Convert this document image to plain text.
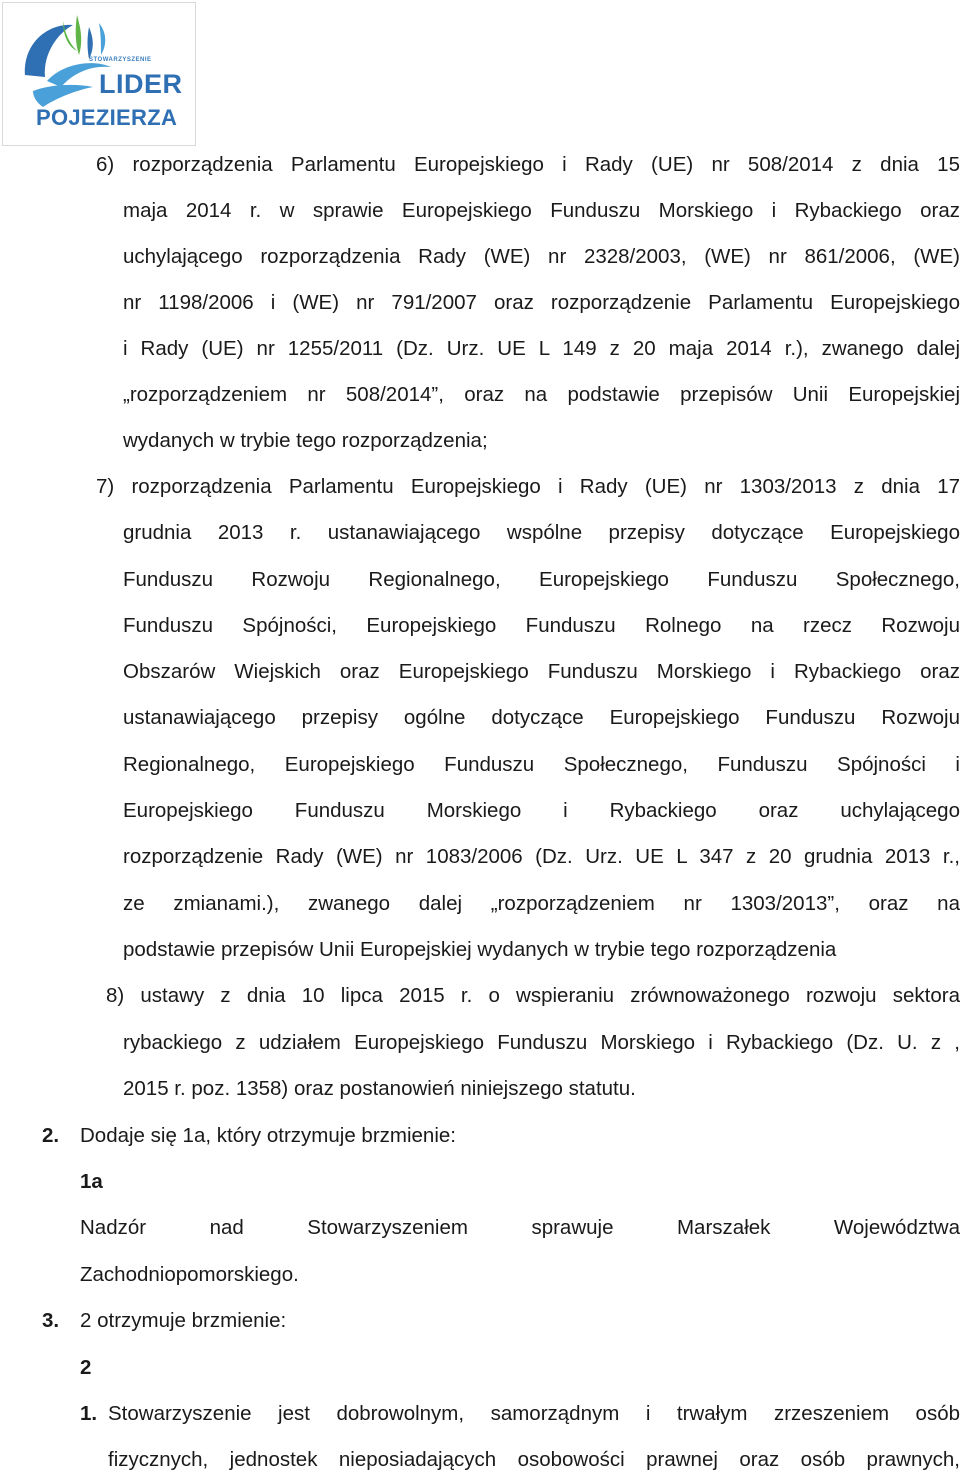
STOWARZYSZENIE
LIDER
POJEZIERZA
6) rozporządzenia Parlamentu Europejskiego i Rady (UE) nr 508/2014 z dnia 15
maja 2014 r. w sprawie Europejskiego Funduszu Morskiego i Rybackiego oraz
uchylającego rozporządzenia Rady (WE) nr 2328/2003, (WE) nr 861/2006, (WE)
nr 1198/2006 i (WE) nr 791/2007 oraz rozporządzenie Parlamentu Europejskiego
i Rady (UE) nr 1255/2011 (Dz. Urz. UE L 149 z 20 maja 2014 r.), zwanego dalej
„rozporządzeniem nr 508/2014”, oraz na podstawie przepisów Unii Europejskiej
wydanych w trybie tego rozporządzenia;
7) rozporządzenia Parlamentu Europejskiego i Rady (UE) nr 1303/2013 z dnia 17
grudnia 2013 r. ustanawiającego wspólne przepisy dotyczące Europejskiego
Funduszu Rozwoju Regionalnego, Europejskiego Funduszu Społecznego,
Funduszu Spójności, Europejskiego Funduszu Rolnego na rzecz Rozwoju
Obszarów Wiejskich oraz Europejskiego Funduszu Morskiego i Rybackiego oraz
ustanawiającego przepisy ogólne dotyczące Europejskiego Funduszu Rozwoju
Regionalnego, Europejskiego Funduszu Społecznego, Funduszu Spójności i
Europejskiego Funduszu Morskiego i Rybackiego oraz uchylającego
rozporządzenie Rady (WE) nr 1083/2006 (Dz. Urz. UE L 347 z 20 grudnia 2013 r.,
ze zmianami.), zwanego dalej „rozporządzeniem nr 1303/2013”, oraz na
podstawie przepisów Unii Europejskiej wydanych w trybie tego rozporządzenia
8) ustawy z dnia 10 lipca 2015 r. o wspieraniu zrównoważonego rozwoju sektora
rybackiego z udziałem Europejskiego Funduszu Morskiego i Rybackiego (Dz. U. z ,
2015 r. poz. 1358) oraz postanowień niniejszego statutu.
2. Dodaje się 1a, który otrzymuje brzmienie:
1a
Nadzór nad Stowarzyszeniem sprawuje Marszałek Województwa
Zachodniopomorskiego.
3. 2 otrzymuje brzmienie:
2
1. Stowarzyszenie jest dobrowolnym, samorządnym i trwałym zrzeszeniem osób
fizycznych, jednostek nieposiadających osobowości prawnej oraz osób prawnych,
